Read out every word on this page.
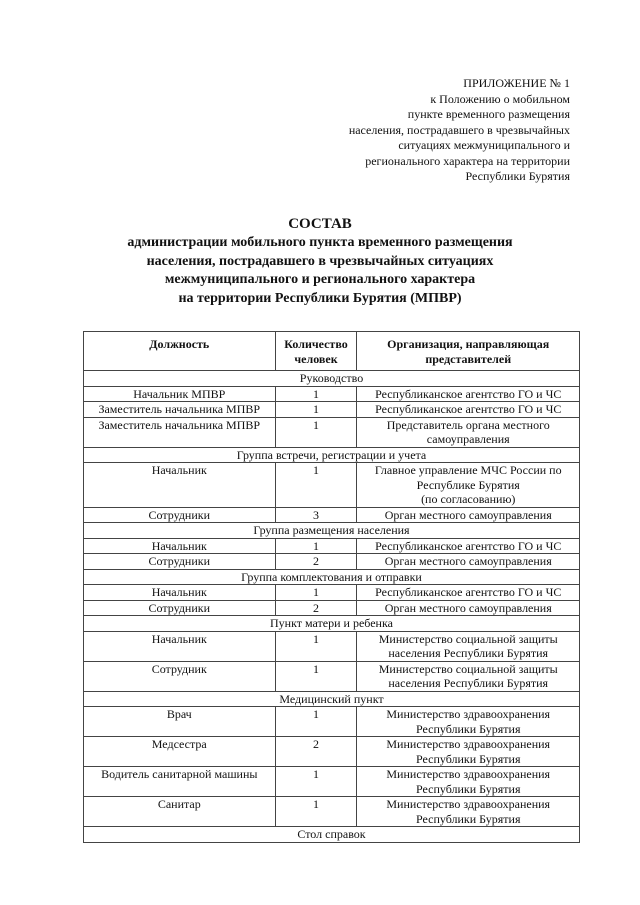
ПРИЛОЖЕНИЕ № 1
к Положению о мобильном
пункте временного размещения
населения, пострадавшего в чрезвычайных
ситуациях межмуниципального и
регионального характера на территории
Республики Бурятия
СОСТАВ
администрации мобильного пункта временного размещения
населения, пострадавшего в чрезвычайных ситуациях
межмуниципального и регионального характера
на территории Республики Бурятия (МПВР)
Должность	Количество человек	Организация, направляющая представителей
Руководство		
Начальник МПВР	1	Республиканское агентство ГО и ЧС

Заместитель начальника МПВР	1	Республиканское агентство ГО и ЧС

Заместитель начальника МПВР	1	Представитель органа местного
самоуправления

Группа встречи, регистрации и учета		
Начальник	1	Главное управление МЧС России по
Республике Бурятия
(по согласованию)

Сотрудники	3	Орган местного самоуправления

Группа размещения населения		
Начальник	1	Республиканское агентство ГО и ЧС

Сотрудники	2	Орган местного самоуправления

Группа комплектования и отправки		
Начальник	1	Республиканское агентство ГО и ЧС

Сотрудники	2	Орган местного самоуправления

Пункт матери и ребенка		
Начальник	1	Министерство социальной защиты
населения Республики Бурятия

Сотрудник	1	Министерство социальной защиты
населения Республики Бурятия

Медицинский пункт		
Врач	1	Министерство здравоохранения
Республики Бурятия

Медсестра	2	Министерство здравоохранения
Республики Бурятия

Водитель санитарной машины	1	Министерство здравоохранения
Республики Бурятия

Санитар	1	Министерство здравоохранения
Республики Бурятия

Стол справок		
